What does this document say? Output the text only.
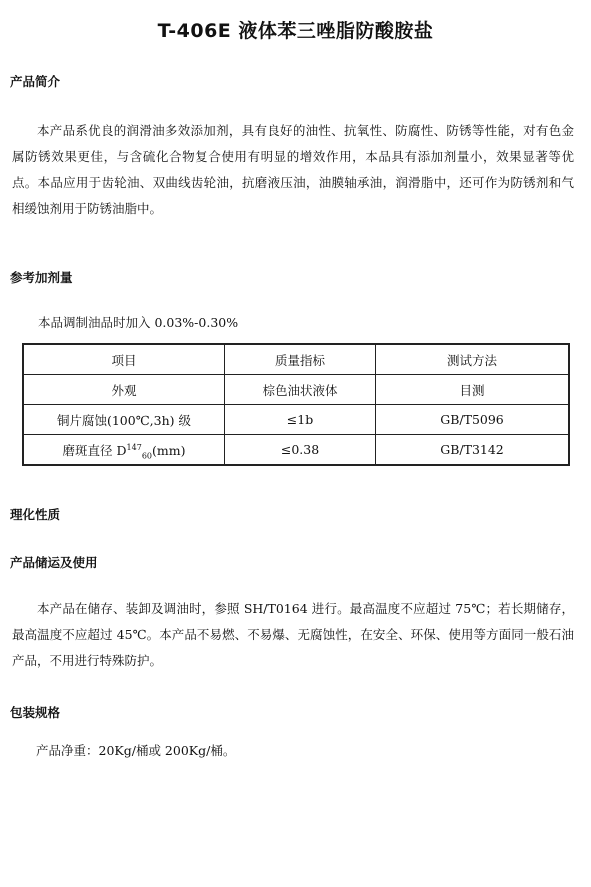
T-406E 液体苯三唑脂防酸胺盐
产品简介

本产品系优良的润滑油多效添加剂，具有良好的油性、抗氧性、防腐性、防锈等性能，对有色金属防锈效果更佳，与含硫化合物复合使用有明显的增效作用，本品具有添加剂量小，效果显著等优点。本品应用于齿轮油、双曲线齿轮油，抗磨液压油，油膜轴承油，润滑脂中，还可作为防锈剂和气相缓蚀剂用于防锈油脂中。

参考加剂量
本品调制油品时加入 0.03%-0.30%
项目	质量指标	测试方法
外观	棕色油状液体	目测
铜片腐蚀(100℃,3h) 级	≤1b	GB/T5096
磨斑直径 $D^{147}_{60}(mm)$	≤0.38	GB/T3142
理化性质
产品储运及使用

本产品在储存、装卸及调油时，参照 SH/T0164 进行。最高温度不应超过 75℃；若长期储存，最高温度不应超过 45℃。本产品不易燃、不易爆、无腐蚀性，在安全、环保、使用等方面同一般石油产品，不用进行特殊防护。

包装规格
产品净重：20Kg/桶或 200Kg/桶。
